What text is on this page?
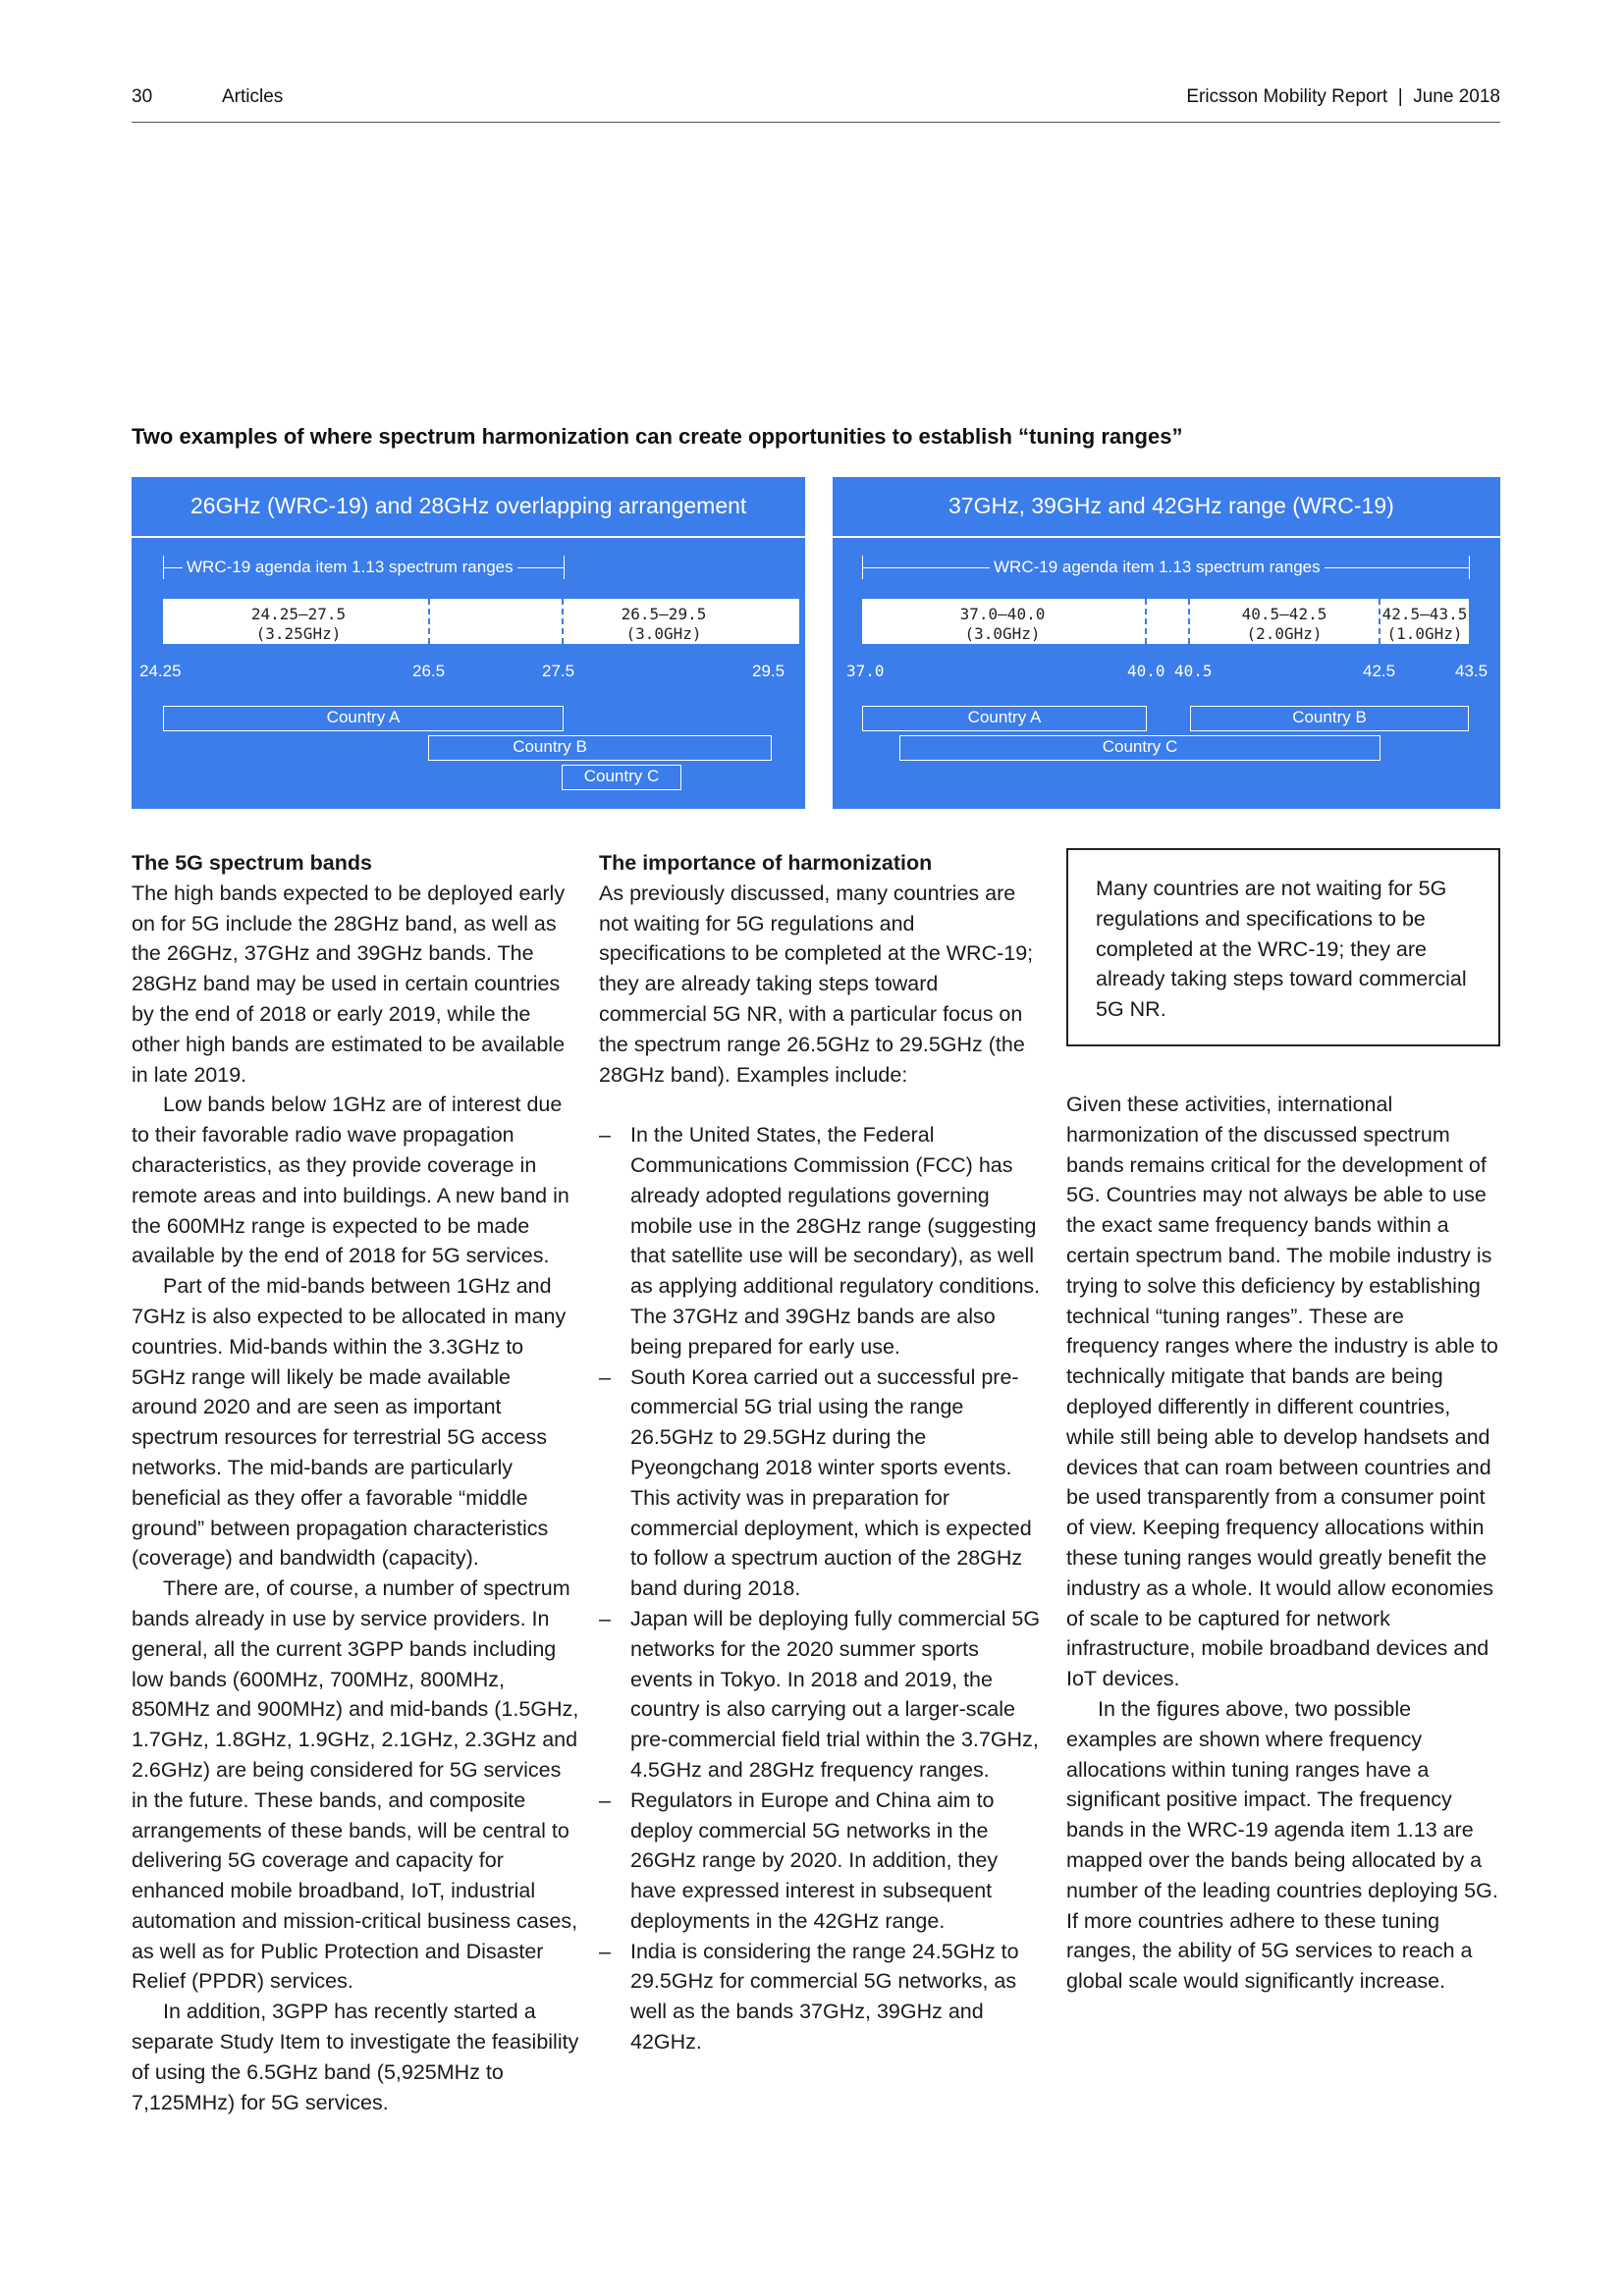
30	Articles	Ericsson Mobility Report  |  June 2018
Two examples of where spectrum harmonization can create opportunities to establish “tuning ranges”
26GHz (WRC-19) and 28GHz overlapping arrangement
WRC-19 agenda item 1.13 spectrum ranges
24.25–27.5
(3.25GHz)
26.5–29.5
(3.0GHz)
24.25	26.5	27.5	29.5
Country A
Country B
Country C
37GHz, 39GHz and 42GHz range (WRC-19)
WRC-19 agenda item 1.13 spectrum ranges
37.0–40.0
(3.0GHz)
40.5–42.5
(2.0GHz)
42.5–43.5
(1.0GHz)
37.0	40.0 40.5	42.5	43.5
Country A	Country B
Country C
The 5G spectrum bands

The high bands expected to be deployed early on for 5G include the 28GHz band, as well as the 26GHz, 37GHz and 39GHz bands. The 28GHz band may be used in certain countries by the end of 2018 or early 2019, while the other high bands are estimated to be available in late 2019.

Low bands below 1GHz are of interest due to their favorable radio wave propagation characteristics, as they provide coverage in remote areas and into buildings. A new band in the 600MHz range is expected to be made available by the end of 2018 for 5G services.

Part of the mid-bands between 1GHz and 7GHz is also expected to be allocated in many countries. Mid-bands within the 3.3GHz to 5GHz range will likely be made available around 2020 and are seen as important spectrum resources for terrestrial 5G access networks. The mid-bands are particularly beneficial as they offer a favorable “middle ground” between propagation characteristics (coverage) and bandwidth (capacity).

There are, of course, a number of spectrum bands already in use by service providers. In general, all the current 3GPP bands including low bands (600MHz, 700MHz, 800MHz, 850MHz and 900MHz) and mid-bands (1.5GHz, 1.7GHz, 1.8GHz, 1.9GHz, 2.1GHz, 2.3GHz and 2.6GHz) are being considered for 5G services in the future. These bands, and composite arrangements of these bands, will be central to delivering 5G coverage and capacity for enhanced mobile broadband, IoT, industrial automation and mission-critical business cases, as well as for Public Protection and Disaster Relief (PPDR) services.

In addition, 3GPP has recently started a separate Study Item to investigate the feasibility of using the 6.5GHz band (5,925MHz to 7,125MHz) for 5G services.

The importance of harmonization

As previously discussed, many countries are not waiting for 5G regulations and specifications to be completed at the WRC-19; they are already taking steps toward commercial 5G NR, with a particular focus on the spectrum range 26.5GHz to 29.5GHz (the 28GHz band). Examples include:

– In the United States, the Federal Communications Commission (FCC) has already adopted regulations governing mobile use in the 28GHz range (suggesting that satellite use will be secondary), as well as applying additional regulatory conditions.

The 37GHz and 39GHz bands are also being prepared for early use.

– South Korea carried out a successful pre-commercial 5G trial using the range 26.5GHz to 29.5GHz during the Pyeongchang 2018 winter sports events. This activity was in preparation for commercial deployment, which is expected to follow a spectrum auction of the 28GHz band during 2018.

– Japan will be deploying fully commercial 5G networks for the 2020 summer sports events in Tokyo. In 2018 and 2019, the country is also carrying out a larger-scale pre-commercial field trial within the 3.7GHz, 4.5GHz and 28GHz frequency ranges.

– Regulators in Europe and China aim to deploy commercial 5G networks in the 26GHz range by 2020. In addition, they have expressed interest in subsequent deployments in the 42GHz range.

– India is considering the range 24.5GHz to 29.5GHz for commercial 5G networks, as well as the bands 37GHz, 39GHz and 42GHz.

Many countries are not waiting for 5G regulations and specifications to be completed at the WRC-19; they are already taking steps toward commercial 5G NR.

Given these activities, international harmonization of the discussed spectrum bands remains critical for the development of 5G. Countries may not always be able to use the exact same frequency bands within a certain spectrum band. The mobile industry is trying to solve this deficiency by establishing technical “tuning ranges”. These are frequency ranges where the industry is able to technically mitigate that bands are being deployed differently in different countries, while still being able to develop handsets and devices that can roam between countries and be used transparently from a consumer point of view. Keeping frequency allocations within these tuning ranges would greatly benefit the industry as a whole. It would allow economies of scale to be captured for network infrastructure, mobile broadband devices and IoT devices.

In the figures above, two possible examples are shown where frequency allocations within tuning ranges have a significant positive impact. The frequency bands in the WRC-19 agenda item 1.13 are mapped over the bands being allocated by a number of the leading countries deploying 5G. If more countries adhere to these tuning ranges, the ability of 5G services to reach a global scale would significantly increase.
